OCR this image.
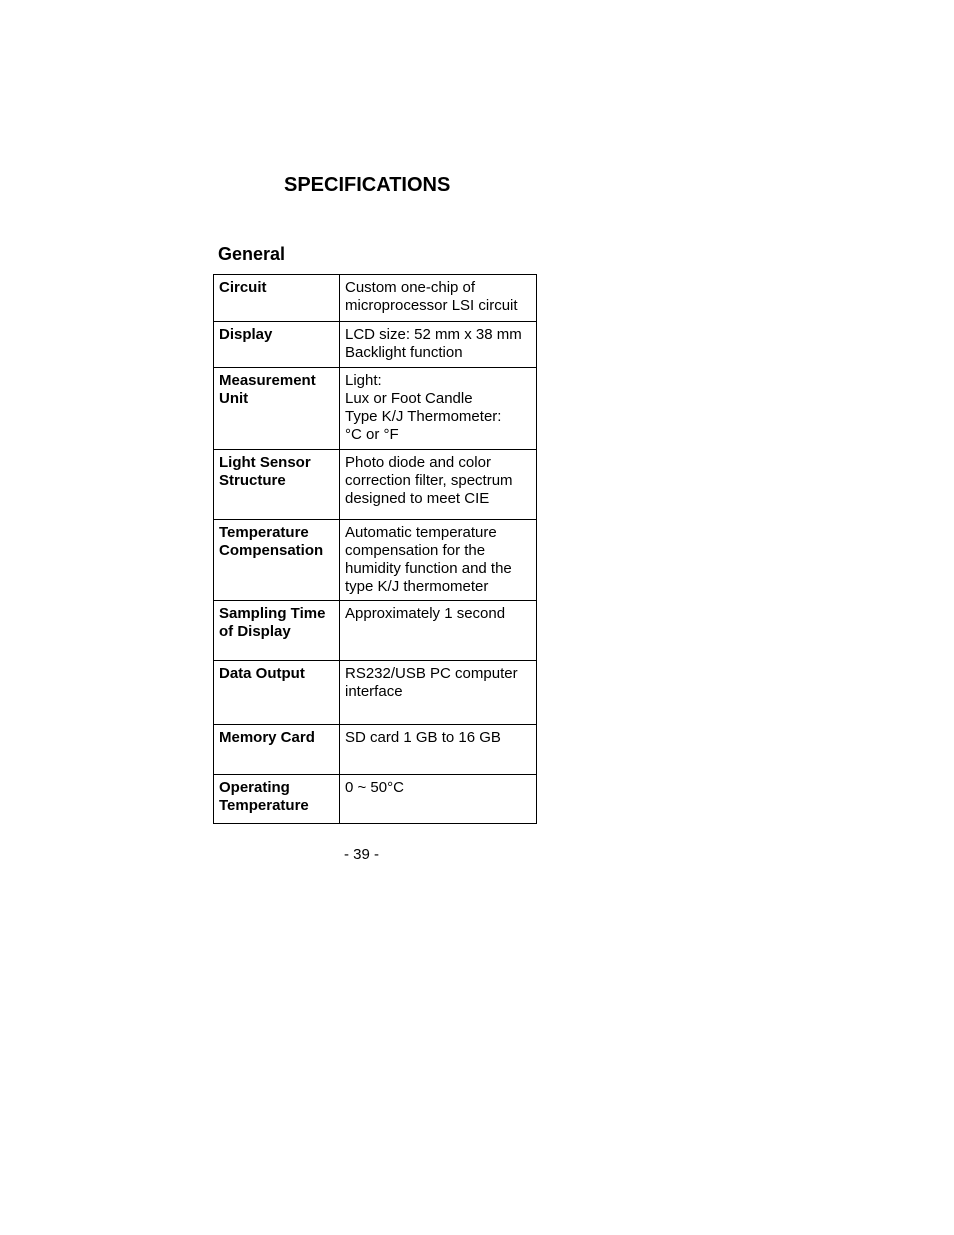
SPECIFICATIONS
General
Circuit	Custom one-chip of
microprocessor LSI circuit

Display	LCD size: 52 mm x 38 mm
Backlight function

Measurement
Unit	Light:
Lux or Foot Candle
Type K/J Thermometer:
°C or °F

Light Sensor
Structure	Photo diode and color
correction filter, spectrum
designed to meet CIE

Temperature
Compensation	Automatic temperature
compensation for the
humidity function and the
type K/J thermometer

Sampling Time
of Display	Approximately 1 second

Data Output	RS232/USB PC computer
interface

Memory Card	SD card 1 GB to 16 GB

Operating
Temperature	0 ~ 50°C
- 39 -
